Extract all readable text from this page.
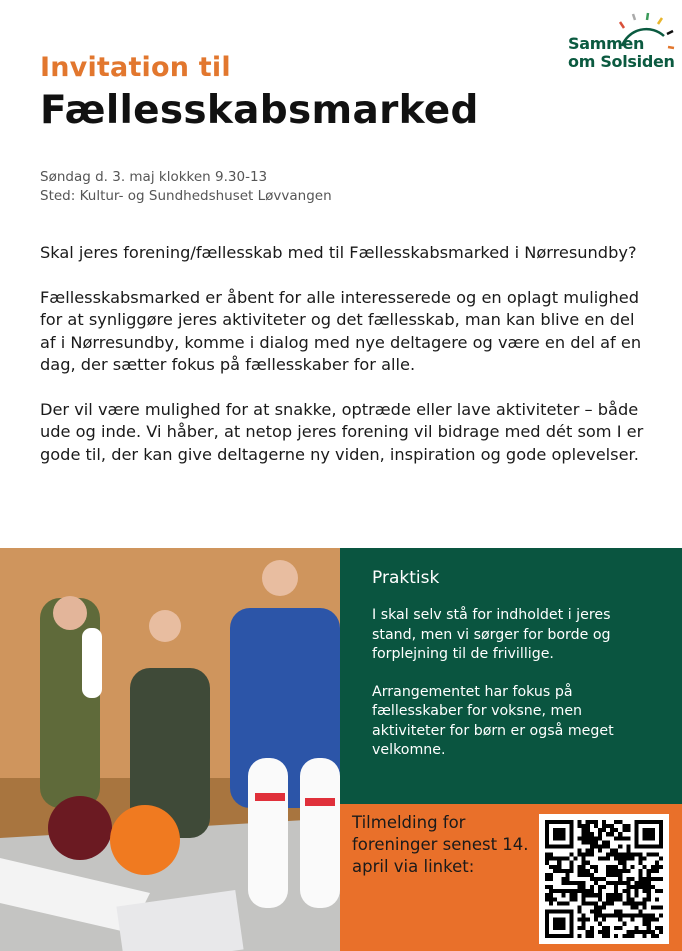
Sammen
om Solsiden
Invitation til
Fællesskabsmarked
Søndag d. 3. maj klokken 9.30-13
Sted: Kultur- og Sundhedshuset Løvvangen

Skal jeres forening/fællesskab med til Fællesskabsmarked i Nørresundby?

Fællesskabsmarked er åbent for alle interesserede og en oplagt mulighed for at synliggøre jeres aktiviteter og det fællesskab, man kan blive en del af i Nørresundby, komme i dialog med nye deltagere og være en del af en dag, der sætter fokus på fællesskaber for alle.

Der vil være mulighed for at snakke, optræde eller lave aktiviteter – både ude og inde. Vi håber, at netop jeres forening vil bidrage med dét som I er gode til, der kan give deltagerne ny viden, inspiration og gode oplevelser.

Praktisk

I skal selv stå for indholdet i jeres stand, men vi sørger for borde og forplejning til de frivillige.

Arrangementet har fokus på fællesskaber for voksne, men aktiviteter for børn er også meget velkomne.

Tilmelding for foreninger senest 14. april via linket:
